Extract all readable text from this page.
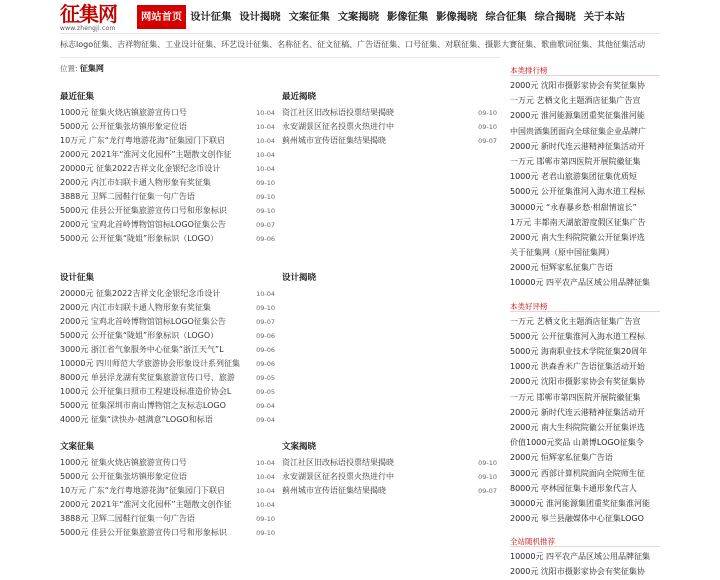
征集网
www.zhengji.com
网站首页 设计征集 设计揭晓 文案征集 文案揭晓 影像征集 影像揭晓 综合征集 综合揭晓 关于本站
标志logo征集、吉祥物征集、工业设计征集、环艺设计征集、名称征名、征文征稿、广告语征集、口号征集、对联征集、摄影大赛征集、歌曲歌词征集、其他征集活动
位置: 征集网
最近征集
1000元 征集火烧店镇旅游宣传口号	10-04
5000元 公开征集张坊镇形象定位语	10-04
10万元 广东“龙行粤地游花海”征集园门下联启	10-04
2000元 2021年“淮河文化园杯”主题散文创作征	10-04
20000元 征集2022吉祥文化金银纪念币设计	10-04
2000元 内江市妇联卡通人物形象有奖征集	09-10
3888元 卫辉二园鞋行征集一句广告语	09-10
5000元 佳县公开征集旅游宣传口号和形象标识	09-10
2000元 宝鸡北首岭博物馆馆标LOGO征集公告	09-07
5000元 公开征集“陇姐”形象标识（LOGO）	09-06
最近揭晓
资江社区旧改标语投票结果揭晓	09-10
永安湖景区征名投票火热进行中	09-10
蓟州城市宣传语征集结果揭晓	09-07
设计征集
20000元 征集2022吉祥文化金银纪念币设计	10-04
2000元 内江市妇联卡通人物形象有奖征集	09-10
2000元 宝鸡北首岭博物馆馆标LOGO征集公告	09-07
5000元 公开征集“陇姐”形象标识（LOGO）	09-06
3000元 浙江省气象服务中心征集“浙江天气”L	09-06
10000元 四川师范大学旅游协会形象设计系列征集 09-06
8000元 单县浮龙湖有奖征集旅游宣传口号、旅游	09-05
1000元 公开征集日照市工程建设标准造价协会L	09-05
5000元 征集深圳市南山博物馆之友标志LOGO	09-04
4000元 征集“读快办·越满意”LOGO和标语	09-04
设计揭晓
文案征集
1000元 征集火烧店镇旅游宣传口号	10-04
5000元 公开征集张坊镇形象定位语	10-04
10万元 广东“龙行粤地游花海”征集园门下联启	10-04
2000元 2021年“淮河文化园杯”主题散文创作征	10-04
3888元 卫辉二园鞋行征集一句广告语	09-10
5000元 佳县公开征集旅游宣传口号和形象标识	09-10
文案揭晓
资江社区旧改标语投票结果揭晓	09-10
永安湖景区征名投票火热进行中	09-10
蓟州城市宣传语征集结果揭晓	09-07
本类排行榜
2000元 沈阳市摄影家协会有奖征集协
一万元 艺栖文化主题酒店征集广告宣
2000元 淮河能源集团重奖征集淮河能
中国贵酒集团面向全球征集企业品牌广
2000元 新时代连云港精神征集活动开
一万元 邯郸市第四医院开展院徽征集
1000元 老君山旅游集团征集优质短
5000元 公开征集淮河入海水道工程标
30000元 “永春暴乡愁·柑甜情谊长”
1万元 丰都南天湖旅游度假区征集广告
2000元 南大生科院院徽公开征集评选
关于征集网（原中国征集网）
2000元 恒辉家私征集广告语
10000元 四平农产品区域公用品牌征集
本类好评榜
一万元 艺栖文化主题酒店征集广告宣
5000元 公开征集淮河入海水道工程标
5000元 海南职业技术学院征集20周年
1000元 洪森香米广告语征集活动开始
2000元 沈阳市摄影家协会有奖征集协
一万元 邯郸市第四医院开展院徽征集
2000元 新时代连云港精神征集活动开
2000元 南大生科院院徽公开征集评选
价值1000元奖品 山萧博LOGO征集令
2000元 恒辉家私征集广告语
3000元 西部计算机院面向全院师生征
8000元 亭林园征集卡通形象代言人
30000元 淮河能源集团重奖征集淮河能
2000元 皋兰县融媒体中心征集LOGO
全站随机推荐
10000元 四平农产品区域公用品牌征集
2000元 沈阳市摄影家协会有奖征集协
